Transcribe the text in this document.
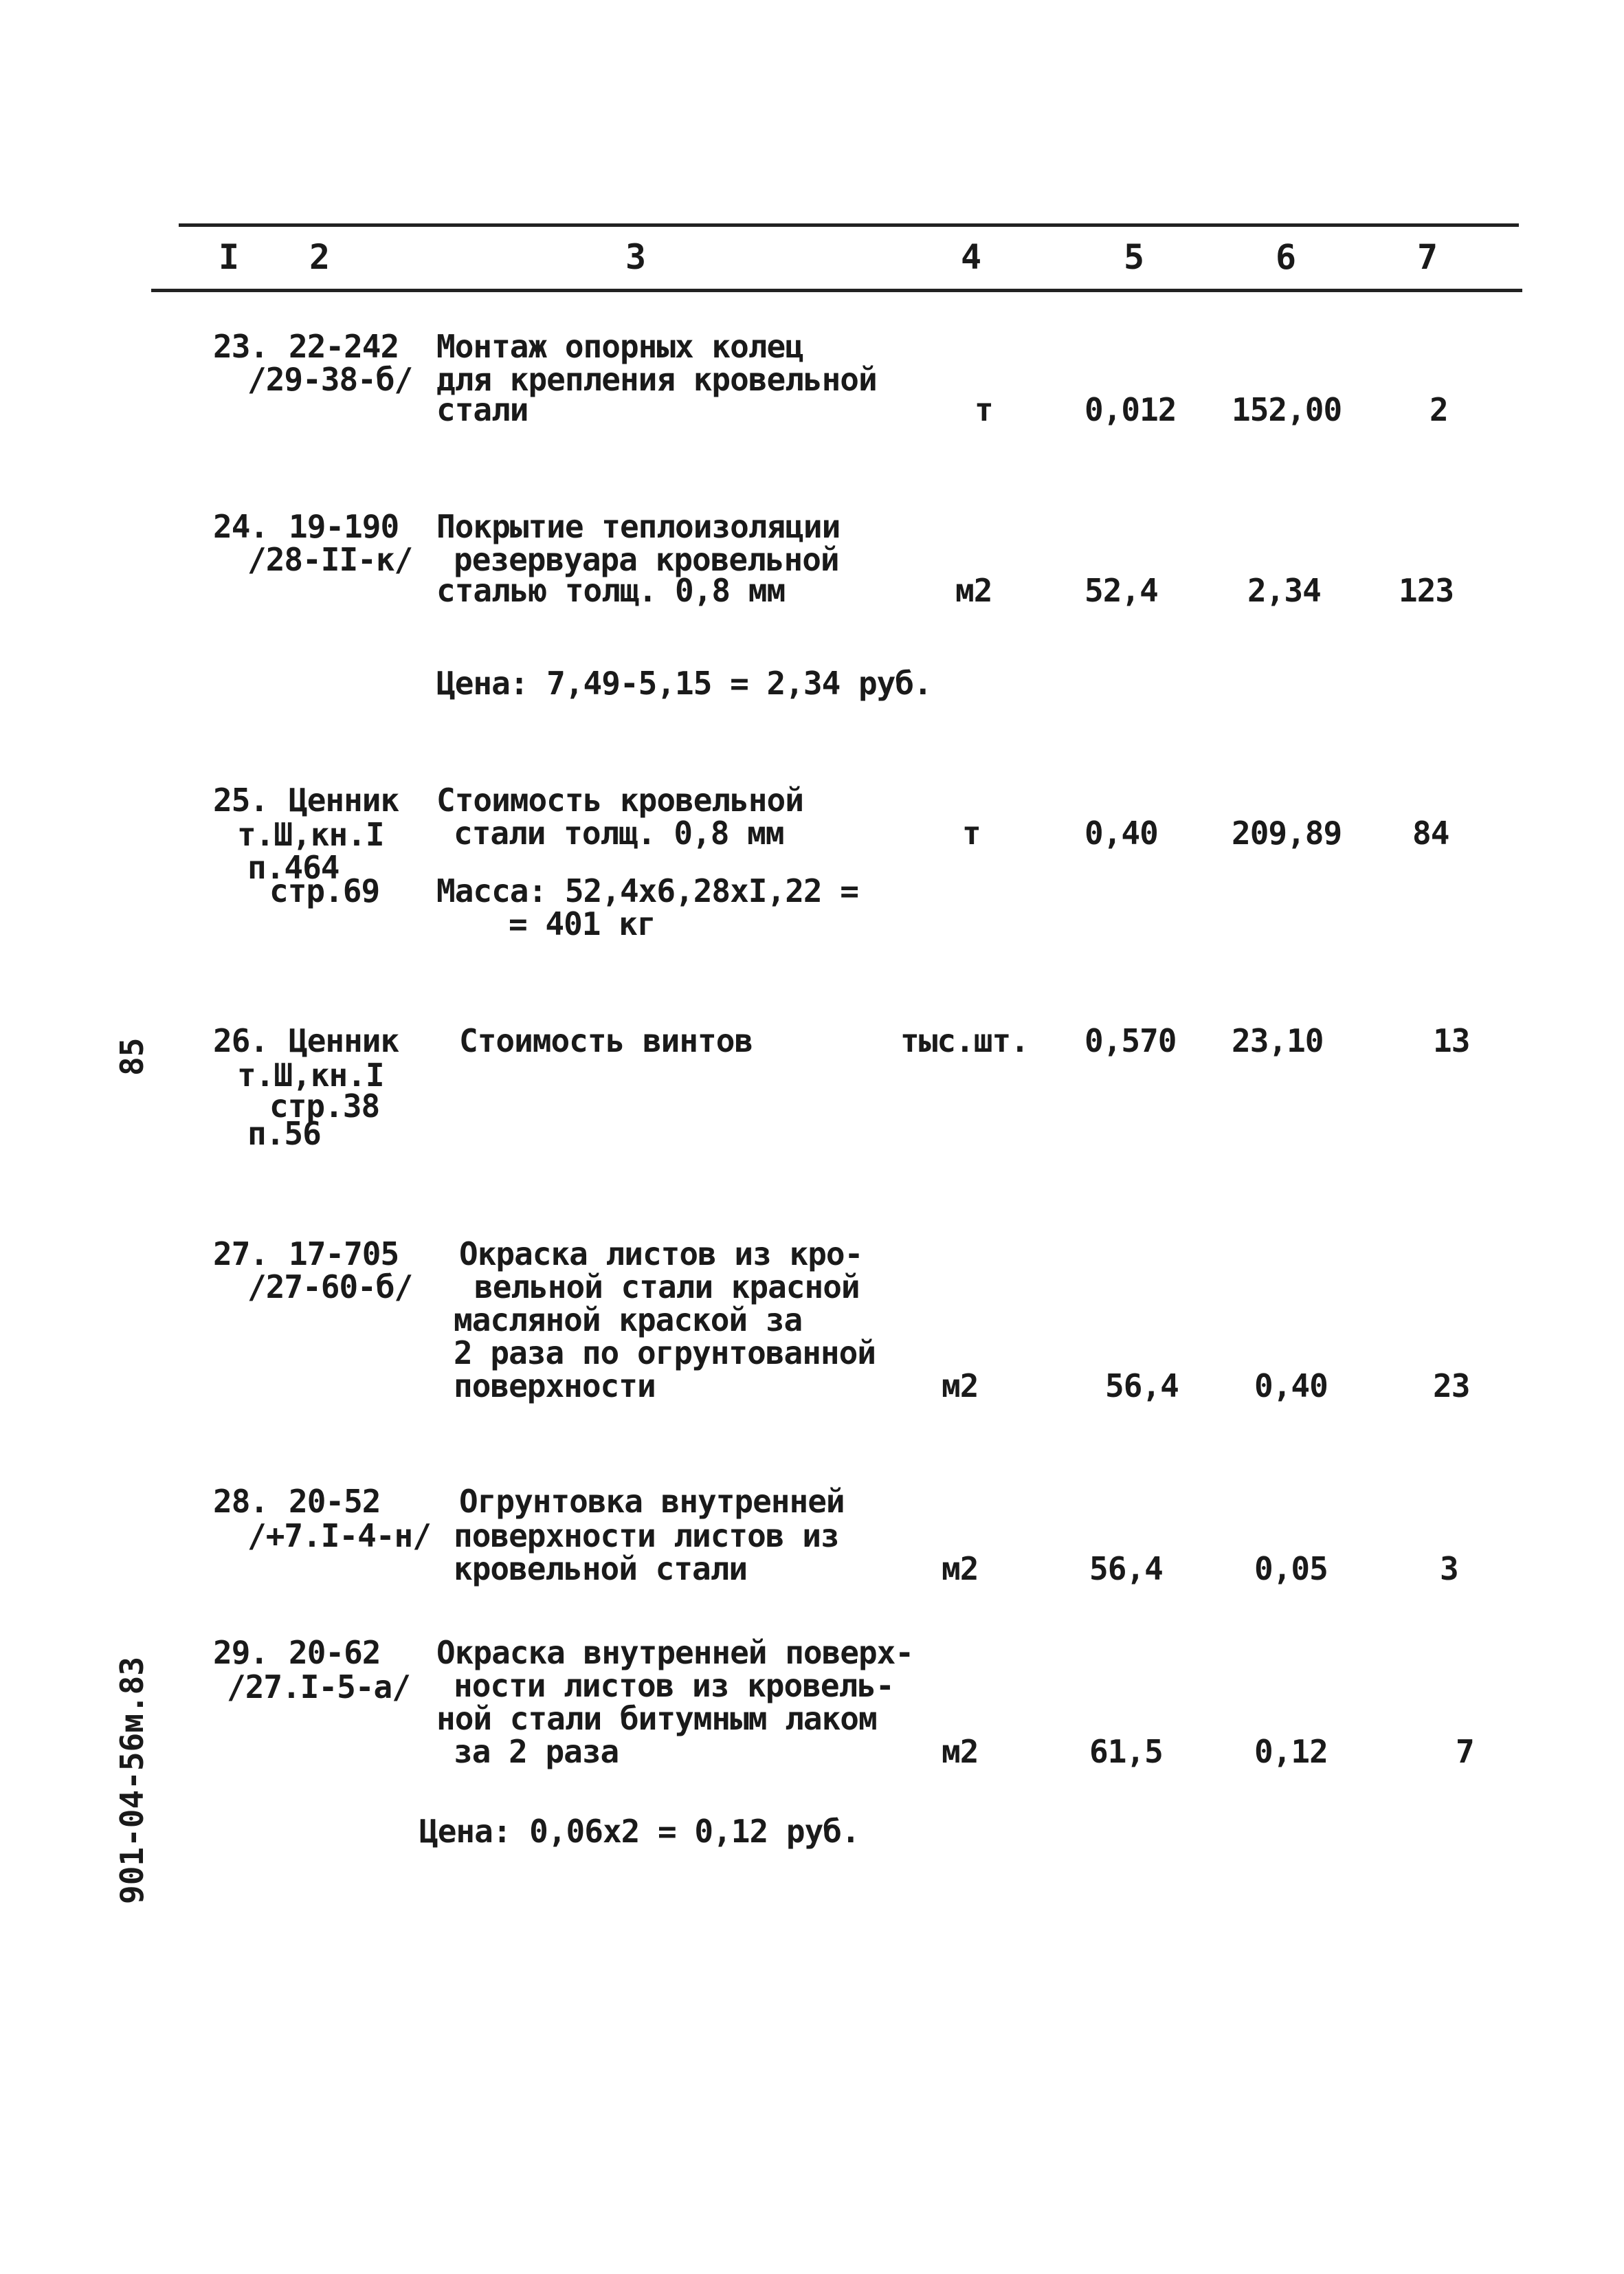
I 2	3	4	5	6	7
85
901-04-56м.83
23. 22-242
/29-38-б/
Монтаж опорных колец
для крепления кровельной
стали	т	0,012 152,00	2
24. 19-190
/28-II-к/
Покрытие теплоизоляции
резервуара кровельной
сталью толщ. 0,8 мм	м2	52,4	2,34 123
Цена: 7,49-5,15 = 2,34 руб.
25. Ценник
т.Ш,кн.I
п.464
стр.69
Стоимость кровельной
стали толщ. 0,8 мм	т	0,40 209,89 84
Масса: 52,4x6,28xI,22 =
= 401 кг
26. Ценник
т.Ш,кн.I
стр.38
п.56
Стоимость винтов	тыс.шт. 0,570 23,10	13
27. 17-705
/27-60-б/
Окраска листов из кро-
вельной стали красной
масляной краской за
2 раза по огрунтованной
поверхности	м2	56,4 0,40	23
28. 20-52
/+7.I-4-н/
Огрунтовка внутренней
поверхности листов из
кровельной стали	м2	56,4	0,05	3
29. 20-62
/27.I-5-а/
Окраска внутренней поверх-
ности листов из кровель-
ной стали битумным лаком
за 2 раза	м2	61,5	0,12	7
Цена: 0,06x2 = 0,12 руб.
